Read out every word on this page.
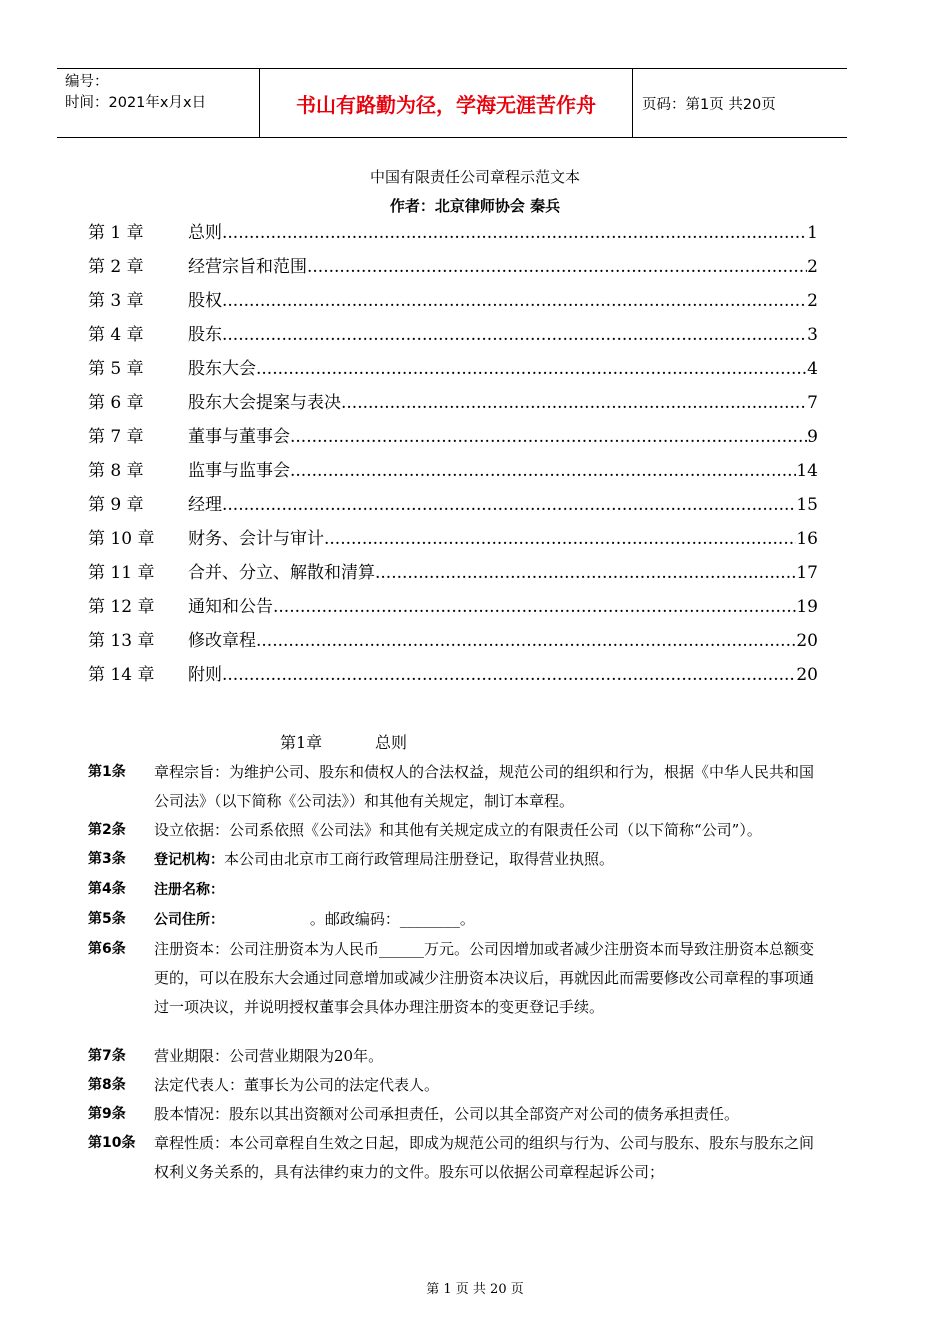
编号：
时间：2021年x月x日	书山有路勤为径，学海无涯苦作舟	页码：第1页 共20页
中国有限责任公司章程示范文本
作者：北京律师协会 秦兵
第 1 章	总则 .....	1
第 2 章	经营宗旨和范围 .....	2
第 3 章	股权 .....	2
第 4 章	股东 .....	3
第 5 章	股东大会 .....	4
第 6 章	股东大会提案与表决 .....	7
第 7 章	董事与董事会 .....	9
第 8 章	监事与监事会 .....	14
第 9 章	经理 .....	15
第 10 章	财务、会计与审计 .....	16
第 11 章	合并、分立、解散和清算 .....	17
第 12 章	通知和公告 .....	19
第 13 章	修改章程 .....	20
第 14 章	附则 .....	20
第1章	总则
第1条	章程宗旨：为维护公司、股东和债权人的合法权益，规范公司的组织和行为，根据《中华人民共和国公司法》（以下简称《公司法》）和其他有关规定，制订本章程。
第2条	设立依据：公司系依照《公司法》和其他有关规定成立的有限责任公司（以下简称“公司”）。
第3条	登记机构：本公司由北京市工商行政管理局注册登记，取得营业执照。
第4条	注册名称：
第5条	公司住所：                  。邮政编码：________。
第6条	注册资本：公司注册资本为人民币______万元。公司因增加或者减少注册资本而导致注册资本总额变更的，可以在股东大会通过同意增加或减少注册资本决议后，再就因此而需要修改公司章程的事项通过一项决议，并说明授权董事会具体办理注册资本的变更登记手续。
第7条	营业期限：公司营业期限为20年。
第8条	法定代表人：董事长为公司的法定代表人。
第9条	股本情况：股东以其出资额对公司承担责任，公司以其全部资产对公司的债务承担责任。
第10条	章程性质：本公司章程自生效之日起，即成为规范公司的组织与行为、公司与股东、股东与股东之间权利义务关系的，具有法律约束力的文件。股东可以依据公司章程起诉公司；
第 1 页 共 20 页
